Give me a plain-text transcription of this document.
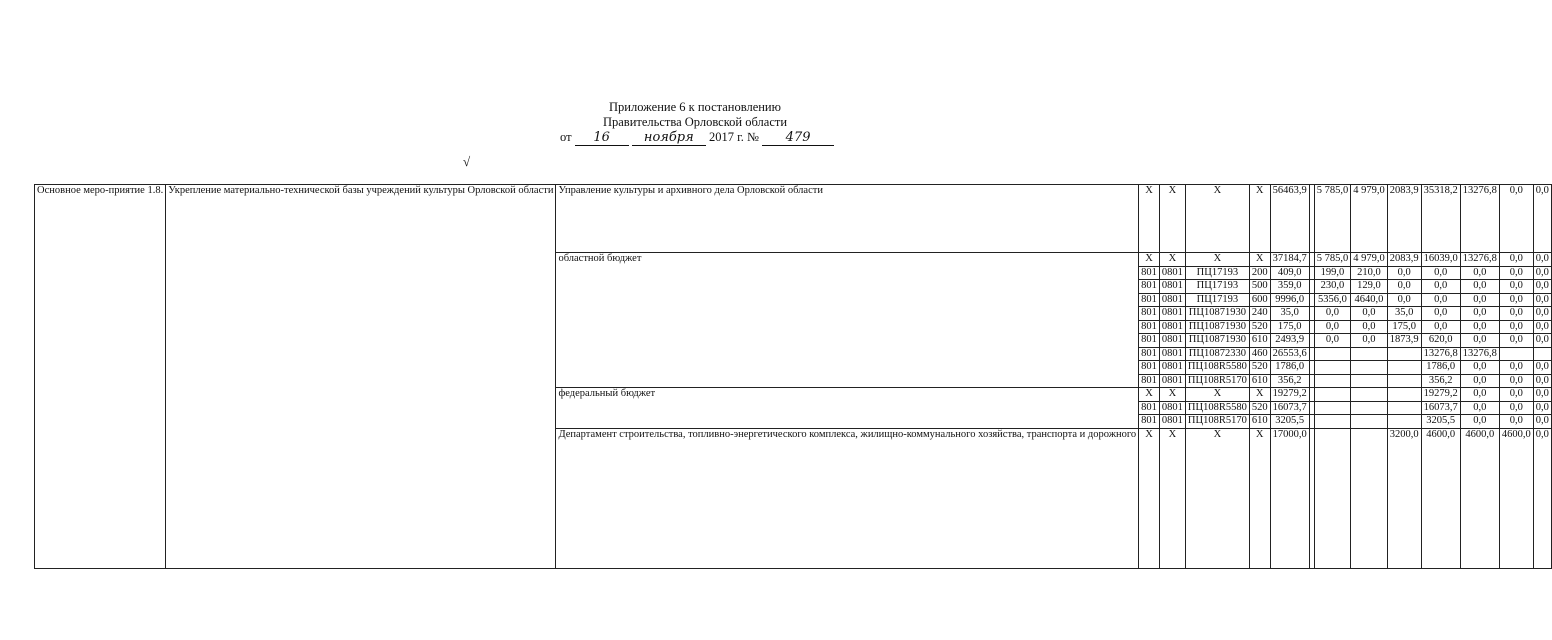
Приложение 6 к постановлению
Правительства Орловской области
от 16	ноября 2017 г. № 479
√
Основное меро-приятие 1.8.	Укрепление материально-технической базы учреждений культуры Орловской области	Управление культуры и архивного дела Орловской области	X	X	X	X	56463,9		5 785,0	4 979,0	2083,9	35318,2	13276,8	0,0	0,0
		областной бюджет	X	X	X	X	37184,7		5 785,0	4 979,0	2083,9	16039,0	13276,8	0,0	0,0
			801	0801	ПЦ17193	200	409,0		199,0	210,0	0,0	0,0	0,0	0,0	0,0
			801	0801	ПЦ17193	500	359,0		230,0	129,0	0,0	0,0	0,0	0,0	0,0
			801	0801	ПЦ17193	600	9996,0		5356,0	4640,0	0,0	0,0	0,0	0,0	0,0
			801	0801	ПЦ10871930	240	35,0		0,0	0,0	35,0	0,0	0,0	0,0	0,0
			801	0801	ПЦ10871930	520	175,0		0,0	0,0	175,0	0,0	0,0	0,0	0,0
			801	0801	ПЦ10871930	610	2493,9		0,0	0,0	1873,9	620,0	0,0	0,0	0,0
			801	0801	ПЦ10872330	460	26553,6					13276,8	13276,8		
			801	0801	ПЦ108R5580	520	1786,0					1786,0	0,0	0,0	0,0
			801	0801	ПЦ108R5170	610	356,2					356,2	0,0	0,0	0,0
		федеральный бюджет	X	X	X	X	19279,2					19279,2	0,0	0,0	0,0
			801	0801	ПЦ108R5580	520	16073,7					16073,7	0,0	0,0	0,0
			801	0801	ПЦ108R5170	610	3205,5					3205,5	0,0	0,0	0,0
		Департамент строительства, топливно-энергетического комплекса, жилищно-коммунального хозяйства, транспорта и дорожного	X	X	X	X	17000,0				3200,0	4600,0	4600,0	4600,0	0,0
